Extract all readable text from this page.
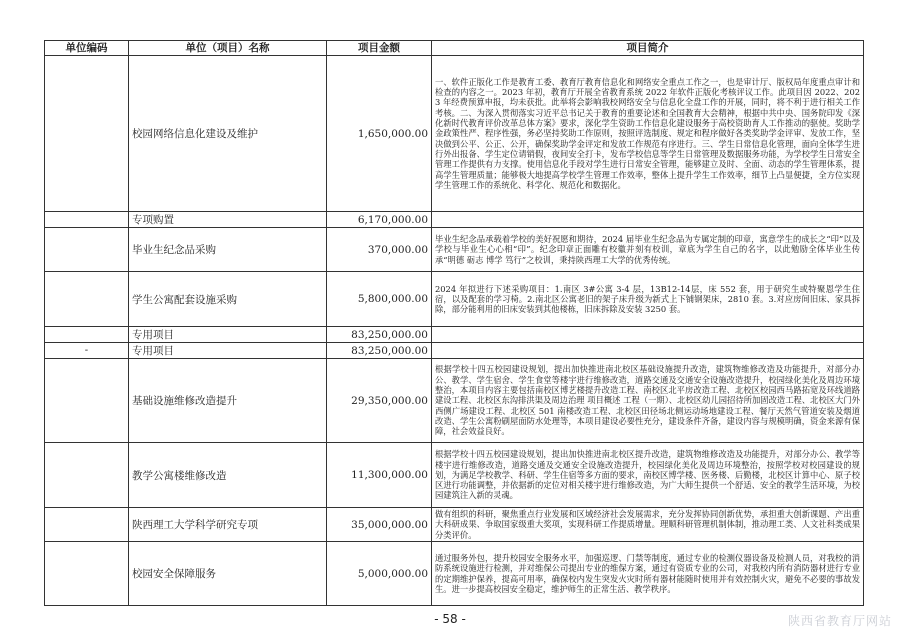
单位编码	单位（项目）名称	项目金额	项目简介
	校园网络信息化建设及维护	1,650,000.00	一、软件正版化工作是教育工委、教育厅教育信息化和网络安全重点工作之一，也是审计厅、版权局年度重点审计和检查的内容之一。2023 年初，教育厅开展全省教育系统 2022 年软件正版化考核评议工作。此项目因 2022、2023 年经费预算申报，均未获批。此举将会影响我校网络安全与信息化全盘工作的开展，同时，将不利于进行相关工作考核。二、为深入贯彻落实习近平总书记关于教育的重要论述和全国教育大会精神，根据中共中央、国务院印发《深化新时代教育评价改革总体方案》要求，深化学生资助工作信息化建设服务于高校资助育人工作推动的驱使。奖助学金政策性严、程序性强，务必坚持奖助工作原则，按照评选制度、规定和程序做好各类奖助学金评审、发放工作，坚决做到公平、公正、公开，确保奖助学金评定和发放工作规范有序进行。三、学生日常信息化管理，面向全体学生进行外出报备、学生定位请销假，夜间安全打卡，发布学校信息等学生日常管理及数据服务功能，为学校学生日常安全管理工作提供有力支撑。使用信息化手段对学生进行日常安全管理，能够建立及时、全面、动态的学生管理体系，提高学生管理质量；能够极大地提高学校学生管理工作效率，整体上提升学生工作效率，细节上凸显便捷，全方位实现学生管理工作的系统化、科学化、规范化和数据化。
	专项购置	6,170,000.00	
	毕业生纪念品采购	370,000.00	毕业生纪念品承载着学校的美好祝愿和期待，2024 届毕业生纪念品为专属定制的印章，寓意学生的成长之“印”以及学校与毕业生心心相“印”。纪念印章正面雕有校徽并刻有校训，章底为学生自己的名字，以此勉励全体毕业生传承“明德 砺志 博学 笃行”之校训，秉持陕西理工大学的优秀传统。
	学生公寓配套设施采购	5,800,000.00	2024 年拟进行下述采购项目：1.南区 3#公寓 3-4 层，13B12-14层，床 552 套，用于研究生或特聚恩学生住宿，以及配套的学习椅。2.南北区公寓老旧的架子床升级为新式上下铺钢架床，2810 套。3.对应房间旧床、家具拆除，部分能利用的旧床安装到其他楼栋，旧床拆除及安装 3250 套。
	专用项目	83,250,000.00	
-	专用项目	83,250,000.00	
	基础设施维修改造提升	29,350,000.00	根据学校十四五校园建设规划，提出加快推进南北校区基础设施提升改造，建筑物维修改造及功能提升，对部分办公、教学、学生宿舍、学生食堂等楼宇进行维修改造，道路交通及交通安全设施改造提升，校园绿化美化及周边环境整治，本项目内容主要包括南校区博艺楼提升改造工程、南校区北平房改造工程、北校区校园西马路拓宽及环线道路建设工程、北校区东沟排洪渠及周边治理 项目概述 工程（一期）、北校区幼儿园招待所加固改造工程、北校区大门外西侧广场建设工程、北校区 501 南楼改造工程、北校区田径场北侧运动场地建设工程、餐厅天然气管道安装及烟道改造、学生公寓粉刷屋面防水处理等，本项目建设必要性充分，建设条件齐备，建设内容与规模明确，资金来源有保障，社会效益良好。
	教学公寓楼维修改造	11,300,000.00	根据学校十四五校园建设规划，提出加快推进南北校区提升改造，建筑物维修改造及功能提升，对部分办公、教学等楼宇进行维修改造，道路交通及交通安全设施改造提升，校园绿化美化及周边环境整治，按照学校对校园建设的规划，为满足学校教学、科研、学生住宿等多方面的要求，南校区博学楼、医务楼、后勤楼，北校区计算中心、原子校区进行功能调整，并依据新的定位对相关楼宇进行维修改造，为广大师生提供一个舒适、安全的教学生活环境，为校园建筑注入新的灵魂。
	陕西理工大学科学研究专项	35,000,000.00	做有组织的科研，聚焦重点行业发展和区域经济社会发展需求，充分发挥协同创新优势，承担重大创新课题、产出重大科研成果、争取国家级重大奖项，实现科研工作提质增量。理顺科研管理机制体制，推动理工类、人文社科类成果分类评价。
	校园安全保障服务	5,000,000.00	通过服务外包，提升校园安全服务水平，加强巡逻、门禁等制度，通过专业的检测仪器设备及检测人员，对我校的消防系统设施进行检测，并对维保公司提出专业的维保方案，通过有资质专业的公司，对我校内所有消防器材进行专业的定期维护保养，提高可用率，确保校内发生突发火灾时所有器材能随时使用并有效控制火灾，避免不必要的事故发生。进一步提高校园安全稳定，维护师生的正常生活、教学秩序。
- 58 -	陕西省教育厅网站
